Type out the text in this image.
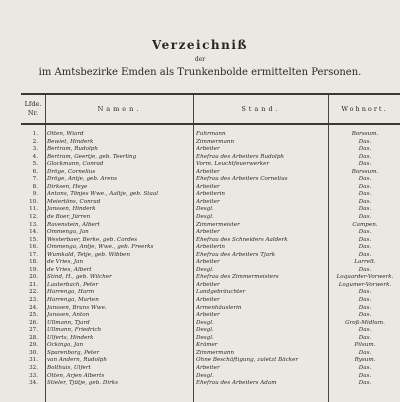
Verzeichniß
der
im Amtsbezirke Emden als Trunkenbolde ermittelten Personen.
Lfde.
Nr.	Namen.	Stand.	Wohnort.
1. Otten, Wiard	Fuhrmann	Borssum.
2. Bewiet, Hinderk	Zimmermann	Das.
3. Bertram, Rudolph	Arbeiter	Das.
4. Bertram, Geertje, geb. Teerling	Ehefrau des Arbeiters Rudolph	Das.
5. Glockmann, Conrad	Vorm. Leuchtfeuerwerker	Das.
6. Dröge, Cornelius	Arbeiter	Borssum.
7. Dröge, Antje, geb. Arens	Ehefrau des Arbeiters Cornelius	Das.
8. Dirksen, Heye	Arbeiter	Das.
9. Antons, Tönjes Wwe., Aaltje, geb. Staal	Arbeiterin	Das.
10. Meiertöns, Conrad	Arbeiter	Das.
11. Janssen, Hinderk	Desgl.	Das.
12. de Boer, Jürren	Desgl.	Das.
13. Ravenstein, Albert	Zimmermeister	Campen.
14. Ommenga, Jan	Arbeiter	Das.
15. Westerbaer, Berke, geb. Cordes	Ehefrau des Schneiders Aalderk	Das.
16. Ommenga, Antje, Wwe., geb. Freerks	Arbeiterin	Das.
17. Wumkald, Tetje, geb. Wibben	Ehefrau des Arbeiters Tjark	Das.
18. de Vries, Jan	Arbeiter	Larrelt.
19. de Vries, Albert	Desgl.	Das.
20. Stind, H., geb. Wilcher	Ehefrau des Zimmermeisters	Loquarder-Vorwerk.
21. Lauterbach, Peter	Arbeiter	Logumer-Vorwerk.
22. Harrenga, Harm	Landgebräuchter	Das.
23. Harrenga, Marten	Arbeiter	Das.
24. Janssen, Bruns Wwe.	Armenhäuslerin	Das.
25. Janssen, Anton	Arbeiter	Das.
26. Ullmann, Tjard	Desgl.	Groß-Midlum.
27. Ullmann, Friedrich	Desgl.	Das.
28. Ulferts, Hinderk	Desgl.	Das.
29. Ockinga, Jan	Krämer	Pilsum.
30. Sparenborg, Peter	Zimmermann	Das.
31. van Andern, Rudolph	Ohne Beschäftigung, zuletzt Bäcker	Rysum.
32. Bolthuis, Ulfert	Arbeiter	Das.
33. Otten, Arjen Alberts	Desgl.	Das.
34. Stieler, Tjütje, geb. Dirks	Ehefrau des Arbeiters Adam	Das.
